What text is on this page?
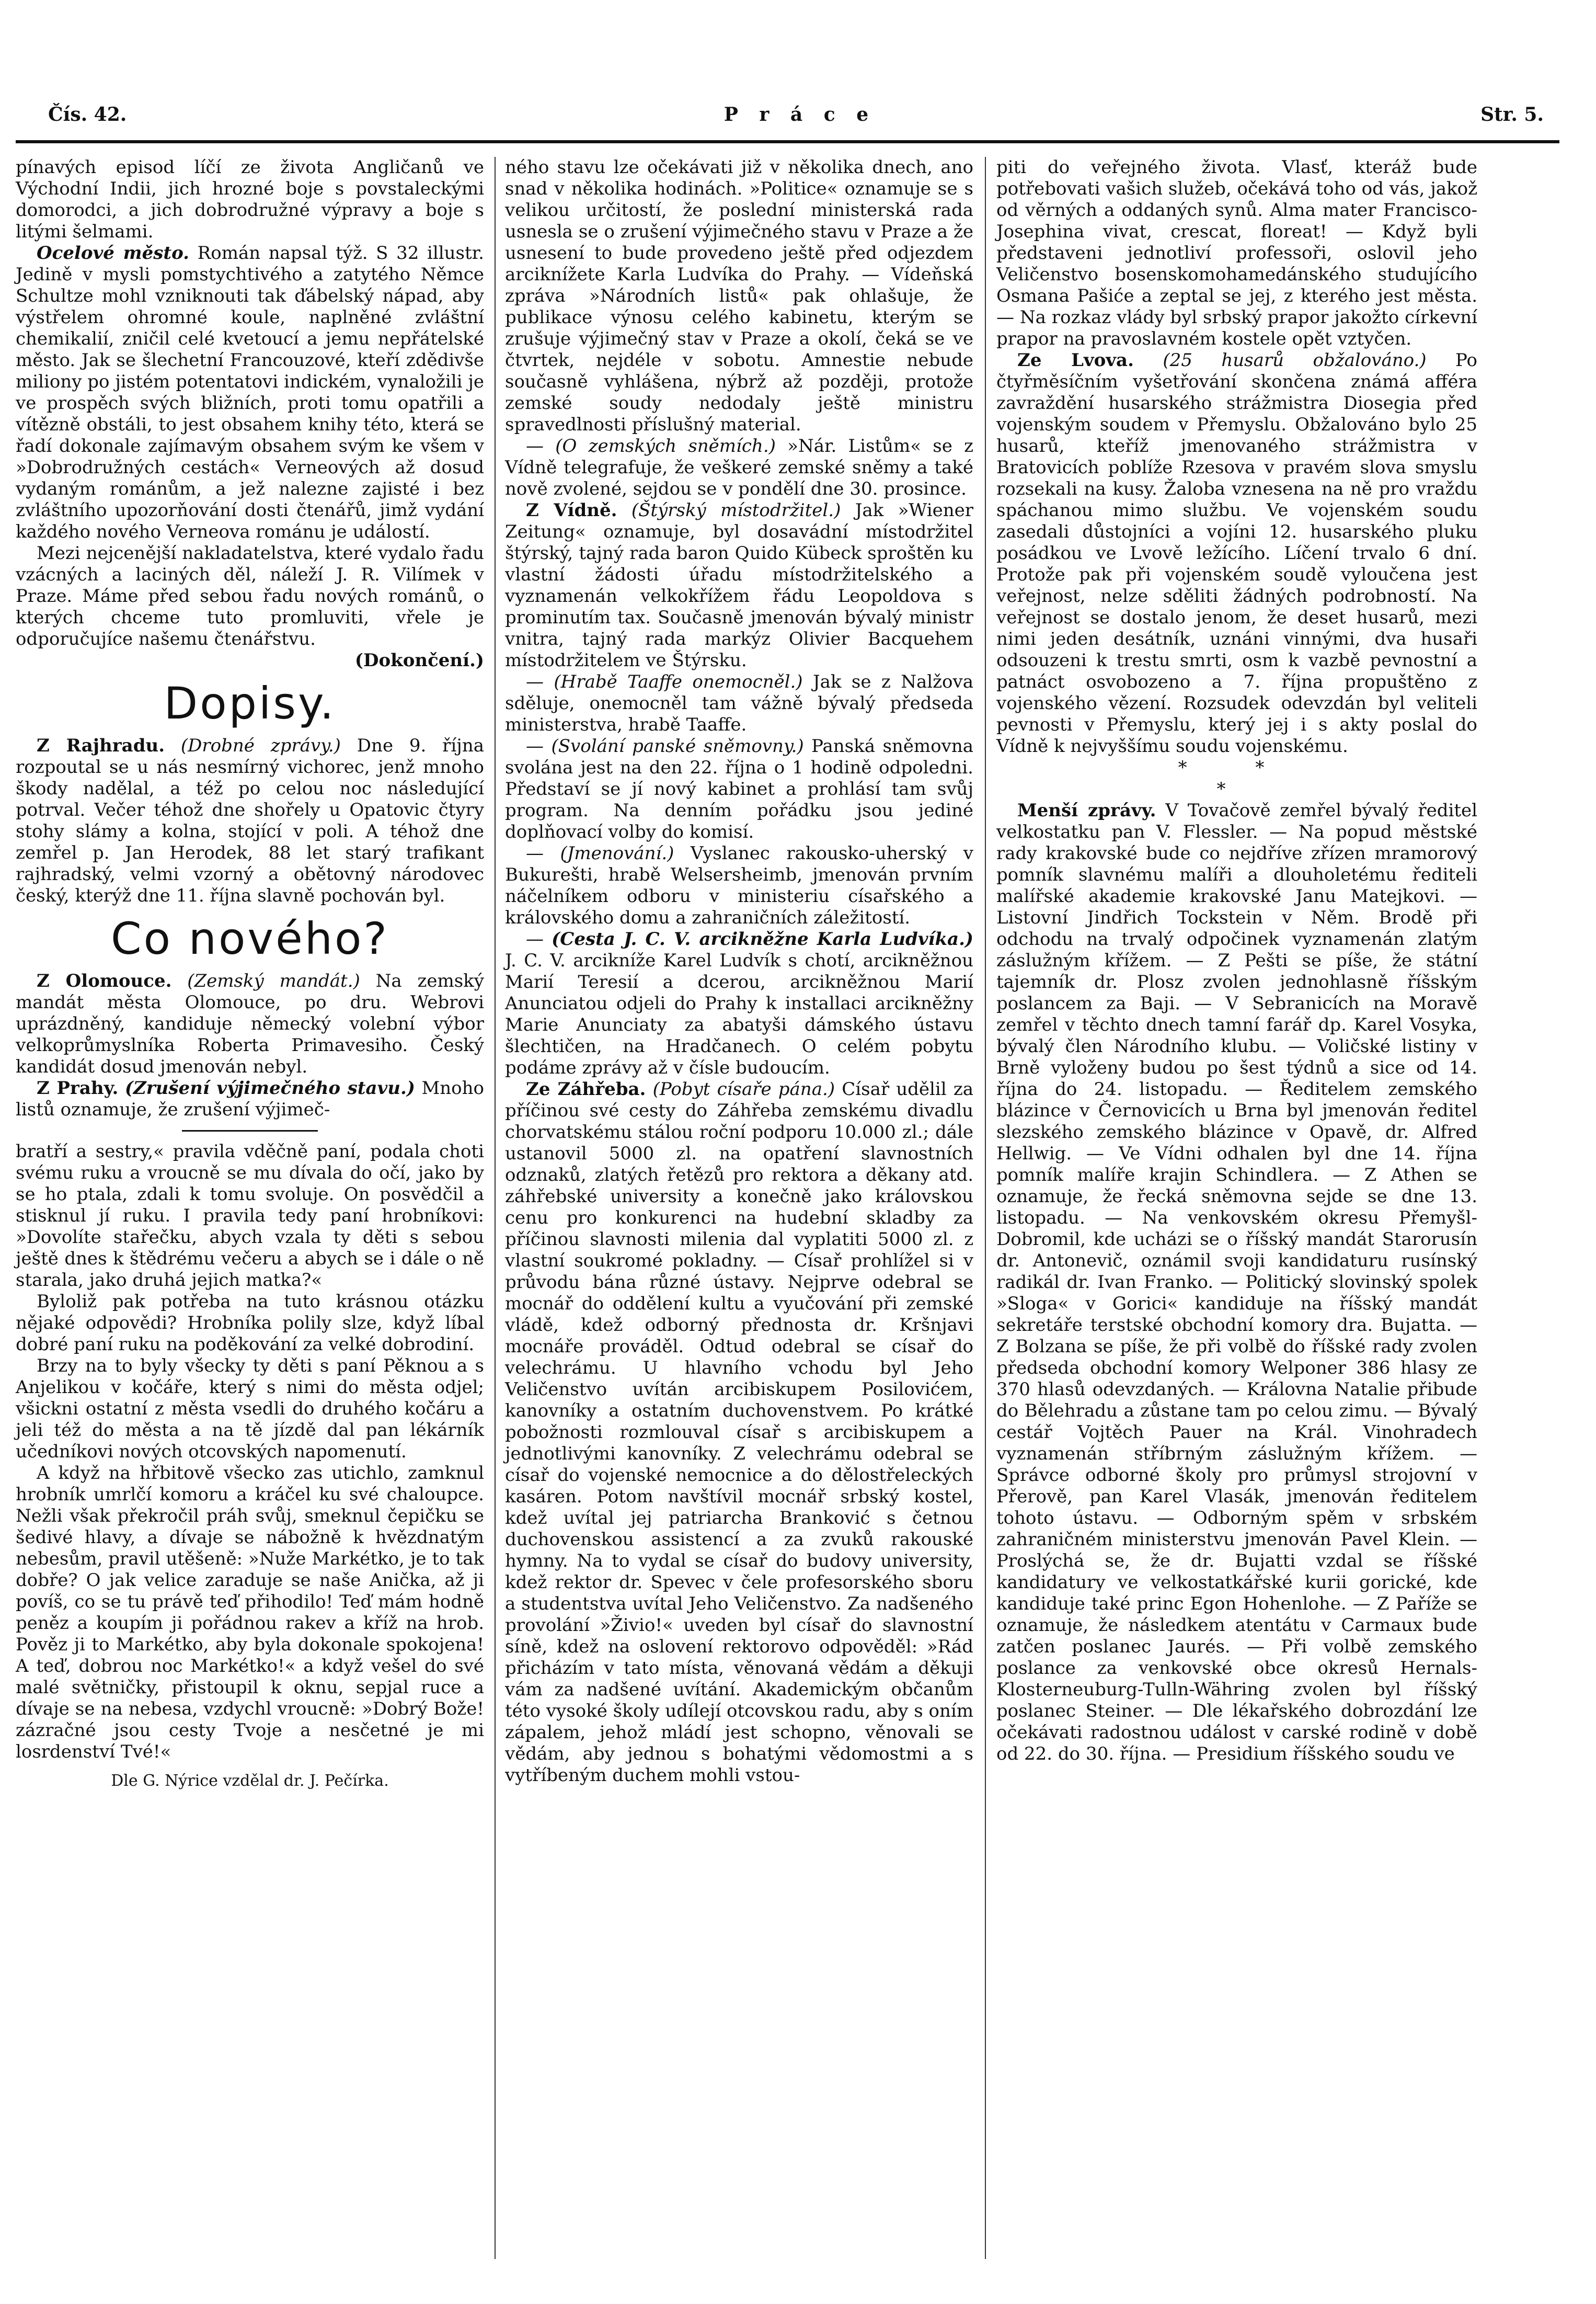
Čís. 42.	P r á c e	Str. 5.

pínavých episod líčí ze života Angličanů ve Východní Indii, jich hrozné boje s povstaleckými domorodci, a jich dobrodružné výpravy a boje s litými šelmami.

Ocelové město. Román napsal týž. S 32 illustr. Jedině v mysli pomstychtivého a zatytého Němce Schultze mohl vzniknouti tak ďábelský nápad, aby výstřelem ohromné koule, naplněné zvláštní chemikalií, zničil celé kvetoucí a jemu nepřátelské město. Jak se šlechetní Francouzové, kteří zdědivše miliony po jistém potentatovi indickém, vynaložili je ve prospěch svých bližních, proti tomu opatřili a vítězně obstáli, to jest obsahem knihy této, která se řadí dokonale zajímavým obsahem svým ke všem v »Dobrodružných cestách« Verneových až dosud vydaným románům, a jež nalezne zajisté i bez zvláštního upozorňování dosti čtenářů, jimž vydání každého nového Verneova románu je událostí.

Mezi nejcenější nakladatelstva, které vydalo řadu vzácných a laciných děl, náleží J. R. Vilímek v Praze. Máme před sebou řadu nových románů, o kterých chceme tuto promluviti, vřele je odporučujíce našemu čtenářstvu.

(Dokončení.)

Dopisy.

Z Rajhradu. (Drobné zprávy.) Dne 9. října rozpoutal se u nás nesmírný vichorec, jenž mnoho škody nadělal, a též po celou noc následující potrval. Večer téhož dne shořely u Opatovic čtyry stohy slámy a kolna, stojící v poli. A téhož dne zemřel p. Jan Herodek, 88 let starý trafikant rajhradský, velmi vzorný a obětovný národovec český, kterýž dne 11. října slavně pochován byl.

Co nového?

Z Olomouce. (Zemský mandát.) Na zemský mandát města Olomouce, po dru. Webrovi uprázdněný, kandiduje německý volební výbor velkoprůmyslníka Roberta Primavesiho. Český kandidát dosud jmenován nebyl.

Z Prahy. (Zrušení výjimečného stavu.) Mnoho listů oznamuje, že zrušení výjimeč-

bratří a sestry,« pravila vděčně paní, podala choti svému ruku a vroucně se mu dívala do očí, jako by se ho ptala, zdali k tomu svoluje. On posvědčil a stisknul jí ruku. I pravila tedy paní hrobníkovi: »Dovolíte stařečku, abych vzala ty děti s sebou ještě dnes k štědrému večeru a abych se i dále o ně starala, jako druhá jejich matka?«

Byloliž pak potřeba na tuto krásnou otázku nějaké odpovědi? Hrobníka polily slze, když líbal dobré paní ruku na poděkování za velké dobrodiní.

Brzy na to byly všecky ty děti s paní Pěknou a s Anjelikou v kočáře, který s nimi do města odjel; všickni ostatní z města vsedli do druhého kočáru a jeli též do města a na tě jízdě dal pan lékárník učedníkovi nových otcovských napomenutí.

A když na hřbitově všecko zas utichlo, zamknul hrobník umrlčí komoru a kráčel ku své chaloupce. Nežli však překročil práh svůj, smeknul čepičku se šedivé hlavy, a dívaje se nábožně k hvězdnatým nebesům, pravil utěšeně: »Nuže Markétko, je to tak dobře? O jak velice zaraduje se naše Anička, až ji povíš, co se tu právě teď přihodilo! Teď mám hodně peněz a koupím ji pořádnou rakev a kříž na hrob. Pověz ji to Markétko, aby byla dokonale spokojena! A teď, dobrou noc Markétko!« a když vešel do své malé světničky, přistoupil k oknu, sepjal ruce a dívaje se na nebesa, vzdychl vroucně: »Dobrý Bože! zázračné jsou cesty Tvoje a nesčetné je mi losrdenství Tvé!«

Dle G. Nýrice vzdělal dr. J. Pečírka.

ného stavu lze očekávati již v několika dnech, ano snad v několika hodinách. »Politice« oznamuje se s velikou určitostí, že poslední ministerská rada usnesla se o zrušení výjimečného stavu v Praze a že usnesení to bude provedeno ještě před odjezdem arciknížete Karla Ludvíka do Prahy. — Vídeňská zpráva »Národních listů« pak ohlašuje, že publikace výnosu celého kabinetu, kterým se zrušuje výjimečný stav v Praze a okolí, čeká se ve čtvrtek, nejdéle v sobotu. Amnestie nebude současně vyhlášena, nýbrž až později, protože zemské soudy nedodaly ještě ministru spravedlnosti příslušný material.

— (O zemských sněmích.) »Nár. Listům« se z Vídně telegrafuje, že veškeré zemské sněmy a také nově zvolené, sejdou se v pondělí dne 30. prosince.

Z Vídně. (Štýrský místodržitel.) Jak »Wiener Zeitung« oznamuje, byl dosavádní místodržitel štýrský, tajný rada baron Quido Kübeck sproštěn ku vlastní žádosti úřadu místodržitelského a vyznamenán velkokřížem řádu Leopoldova s prominutím tax. Současně jmenován bývalý ministr vnitra, tajný rada markýz Olivier Bacquehem místodržitelem ve Štýrsku.

— (Hrabě Taaffe onemocněl.) Jak se z Nalžova sděluje, onemocněl tam vážně bývalý předseda ministerstva, hrabě Taaffe.

— (Svolání panské sněmovny.) Panská sněmovna svolána jest na den 22. října o 1 hodině odpoledni. Představí se jí nový kabinet a prohlásí tam svůj program. Na denním pořádku jsou jediné doplňovací volby do komisí.

— (Jmenování.) Vyslanec rakousko-uherský v Bukurešti, hrabě Welsersheimb, jmenován prvním náčelníkem odboru v ministeriu císařského a královského domu a zahraničních záležitostí.

— (Cesta J. C. V. arcikněžne Karla Ludvíka.) J. C. V. arcikníže Karel Ludvík s chotí, arcikněžnou Marií Teresií a dcerou, arcikněžnou Marií Anunciatou odjeli do Prahy k installaci arcikněžny Marie Anunciaty za abatyši dámského ústavu šlechtičen, na Hradčanech. O celém pobytu podáme zprávy až v čísle budoucím.

Ze Záhřeba. (Pobyt císaře pána.) Císař udělil za příčinou své cesty do Záhřeba zemskému divadlu chorvatskému stálou roční podporu 10.000 zl.; dále ustanovil 5000 zl. na opatření slavnostních odznaků, zlatých řetězů pro rektora a děkany atd. záhřebské university a konečně jako královskou cenu pro konkurenci na hudební skladby za příčinou slavnosti milenia dal vyplatiti 5000 zl. z vlastní soukromé pokladny. — Císař prohlížel si v průvodu bána různé ústavy. Nejprve odebral se mocnář do oddělení kultu a vyučování při zemské vládě, kdež odborný přednosta dr. Kršnjavi mocnáře prováděl. Odtud odebral se císař do velechrámu. U hlavního vchodu byl Jeho Veličenstvo uvítán arcibiskupem Posilovićem, kanovníky a ostatním duchovenstvem. Po krátké pobožnosti rozmlouval císař s arcibiskupem a jednotlivými kanovníky. Z velechrámu odebral se císař do vojenské nemocnice a do dělostřeleckých kasáren. Potom navštívil mocnář srbský kostel, kdež uvítal jej patriarcha Branković s četnou duchovenskou assistencí a za zvuků rakouské hymny. Na to vydal se císař do budovy university, kdež rektor dr. Spevec v čele profesorského sboru a studentstva uvítal Jeho Veličenstvo. Za nadšeného provolání »Živio!« uveden byl císař do slavnostní síně, kdež na oslovení rektorovo odpověděl: »Rád přicházím v tato místa, věnovaná vědám a děkuji vám za nadšené uvítání. Akademickým občanům této vysoké školy udílejí otcovskou radu, aby s oním zápalem, jehož mládí jest schopno, věnovali se vědám, aby jednou s bohatými vědomostmi a s vytříbeným duchem mohli vstou-

piti do veřejného života. Vlasť, kteráž bude potřebovati vašich služeb, očekává toho od vás, jakož od věrných a oddaných synů. Alma mater Francisco-Josephina vivat, crescat, floreat! — Když byli představeni jednotliví professoři, oslovil jeho Veličenstvo bosenskomohamedánského studujícího Osmana Pašiće a zeptal se jej, z kterého jest města. — Na rozkaz vlády byl srbský prapor jakožto církevní prapor na pravoslavném kostele opět vztyčen.

Ze Lvova. (25 husarů obžalováno.) Po čtyřměsíčním vyšetřování skončena známá afféra zavraždění husarského strážmistra Diosegia před vojenským soudem v Přemyslu. Obžalováno bylo 25 husarů, kteříž jmenovaného strážmistra v Bratovicích poblíže Rzesova v pravém slova smyslu rozsekali na kusy. Žaloba vznesena na ně pro vraždu spáchanou mimo službu. Ve vojenském soudu zasedali důstojníci a vojíni 12. husarského pluku posádkou ve Lvově ležícího. Líčení trvalo 6 dní. Protože pak při vojenském soudě vyloučena jest veřejnost, nelze sděliti žádných podrobností. Na veřejnost se dostalo jenom, že deset husarů, mezi nimi jeden desátník, uznáni vinnými, dva husaři odsouzeni k trestu smrti, osm k vazbě pevnostní a patnáct osvobozeno a 7. října propuštěno z vojenského vězení. Rozsudek odevzdán byl veliteli pevnosti v Přemyslu, který jej i s akty poslal do Vídně k nejvyššímu soudu vojenskému.

* *
*

Menší zprávy. V Tovačově zemřel bývalý ředitel velkostatku pan V. Flessler. — Na popud městské rady krakovské bude co nejdříve zřízen mramorový pomník slavnému malíři a dlouholetému řediteli malířské akademie krakovské Janu Matejkovi. — Listovní Jindřich Tockstein v Něm. Brodě při odchodu na trvalý odpočinek vyznamenán zlatým záslužným křížem. — Z Pešti se píše, že státní tajemník dr. Plosz zvolen jednohlasně říšským poslancem za Baji. — V Sebranicích na Moravě zemřel v těchto dnech tamní farář dp. Karel Vosyka, bývalý člen Národního klubu. — Voličské listiny v Brně vyloženy budou po šest týdnů a sice od 14. října do 24. listopadu. — Ředitelem zemského blázince v Černovicích u Brna byl jmenován ředitel slezského zemského blázince v Opavě, dr. Alfred Hellwig. — Ve Vídni odhalen byl dne 14. října pomník malíře krajin Schindlera. — Z Athen se oznamuje, že řecká sněmovna sejde se dne 13. listopadu. — Na venkovském okresu Přemyšl-Dobromil, kde ucházi se o říšský mandát Starorusín dr. Antonevič, oznámil svoji kandidaturu rusínský radikál dr. Ivan Franko. — Politický slovinský spolek »Sloga« v Gorici« kandiduje na říšský mandát sekretáře terstské obchodní komory dra. Bujatta. — Z Bolzana se píše, že při volbě do říšské rady zvolen předseda obchodní komory Welponer 386 hlasy ze 370 hlasů odevzdaných. — Královna Natalie přibude do Bělehradu a zůstane tam po celou zimu. — Bývalý cestář Vojtěch Pauer na Král. Vinohradech vyznamenán stříbrným záslužným křížem. — Správce odborné školy pro průmysl strojovní v Přerově, pan Karel Vlasák, jmenován ředitelem tohoto ústavu. — Odborným spěm v srbském zahraničném ministerstvu jmenován Pavel Klein. — Proslýchá se, že dr. Bujatti vzdal se říšské kandidatury ve velkostatkářské kurii gorické, kde kandiduje také princ Egon Hohenlohe. — Z Paříže se oznamuje, že následkem atentátu v Carmaux bude zatčen poslanec Jaurés. — Při volbě zemského poslance za venkovské obce okresů Hernals-Klosterneuburg-Tulln-Währing zvolen byl říšský poslanec Steiner. — Dle lékařského dobrozdání lze očekávati radostnou událost v carské rodině v době od 22. do 30. října. — Presidium říšského soudu ve
